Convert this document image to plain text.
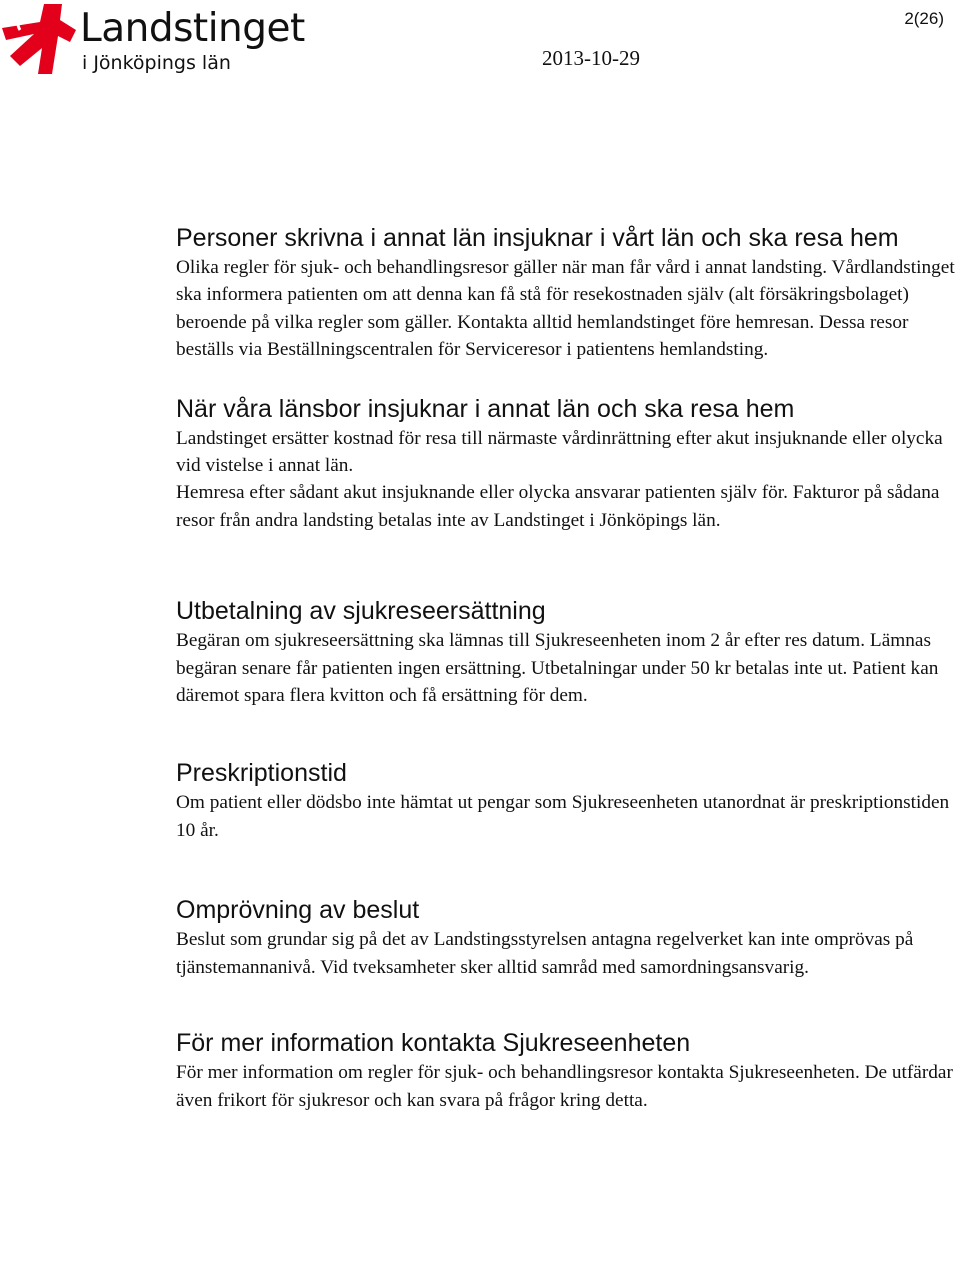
Landstinget
i Jönköpings län
2(26)
2013-10-29
Personer skrivna i annat län insjuknar i vårt län och ska resa hem

Olika regler för sjuk- och behandlingsresor gäller när man får vård i annat landsting. Vårdlandstinget ska informera patienten om att denna kan få stå för resekostnaden själv (alt försäkringsbolaget) beroende på vilka regler som gäller. Kontakta alltid hemlandstinget före hemresan. Dessa resor beställs via Beställningscentralen för Serviceresor i patientens hemlandsting.

När våra länsbor insjuknar i annat län och ska resa hem

Landstinget ersätter kostnad för resa till närmaste vårdinrättning efter akut insjuknande eller olycka vid vistelse i annat län.

Hemresa efter sådant akut insjuknande eller olycka ansvarar patienten själv för. Fakturor på sådana resor från andra landsting betalas inte av Landstinget i Jönköpings län.

Utbetalning av sjukreseersättning

Begäran om sjukreseersättning ska lämnas till Sjukreseenheten inom 2 år efter res datum. Lämnas begäran senare får patienten ingen ersättning. Utbetalningar under 50 kr betalas inte ut. Patient kan däremot spara flera kvitton och få ersättning för dem.

Preskriptionstid

Om patient eller dödsbo inte hämtat ut pengar som Sjukreseenheten utanordnat är preskriptionstiden 10 år.

Omprövning av beslut

Beslut som grundar sig på det av Landstingsstyrelsen antagna regelverket kan inte omprövas på tjänstemannanivå. Vid tveksamheter sker alltid samråd med samordningsansvarig.

För mer information kontakta Sjukreseenheten

För mer information om regler för sjuk- och behandlingsresor kontakta Sjukreseenheten. De utfärdar även frikort för sjukresor och kan svara på frågor kring detta.
